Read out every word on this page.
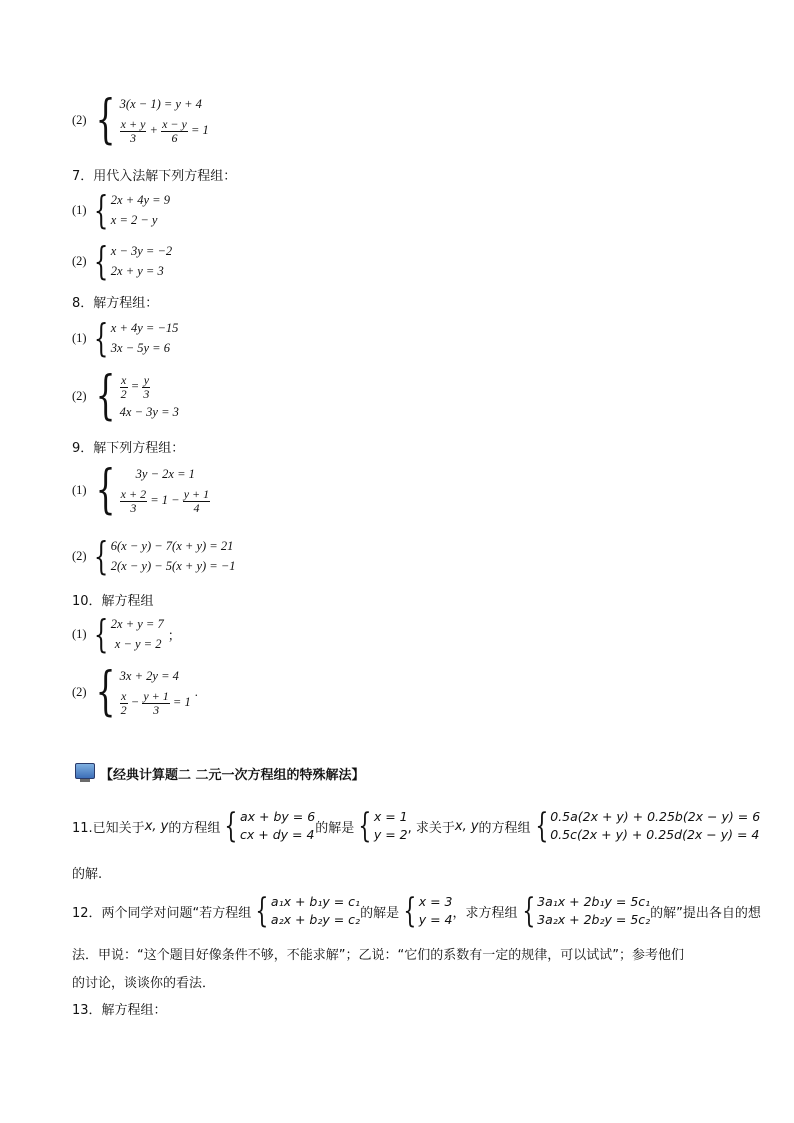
(2) { 3(x − 1) = y + 4
$\frac{x + y}{3} + \frac{x - y}{6} = 1$
7．用代入法解下列方程组：
(1) { 2x + 4y = 9
x = 2 − y
(2) { x − 3y = −2
2x + y = 3
8．解方程组：
(1) { x + 4y = −15
3x − 5y = 6
(2) { $\frac{x}{2} = \frac{y}{3}$
4x − 3y = 3
9．解下列方程组：
(1) {	3y − 2x = 1
$\frac{x + 2}{3} = 1 - \frac{y + 1}{4}$
(2) { 6(x − y) − 7(x + y) = 21
2(x − y) − 5(x + y) = −1
10．解方程组
(1) { 2x + y = 7
x − y = 2
；
(2) { 3x + 2y = 4
$\frac{x}{2} - \frac{y + 1}{3} = 1$
.
【经典计算题二 二元一次方程组的特殊解法】
11.已知关于 x, y 的方程组 { ax + by = 6
cx + dy = 4 的解是 { x = 1
y = 2 , 求关于 x, y 的方程组 { 0.5a(2x + y) + 0.25b(2x − y) = 6
0.5c(2x + y) + 0.25d(2x − y) = 4
的解.
12．两个同学对问题“若方程组 { a₁x + b₁y = c₁
a₂x + b₂y = c₂ 的解是 { x = 3
y = 4 ，求方程组 { 3a₁x + 2b₁y = 5c₁
3a₂x + 2b₂y = 5c₂ 的解”提出各自的想
法．甲说：“这个题目好像条件不够，不能求解”；乙说：“它们的系数有一定的规律，可以试试”；参考他们
的讨论，谈谈你的看法．
13．解方程组：
